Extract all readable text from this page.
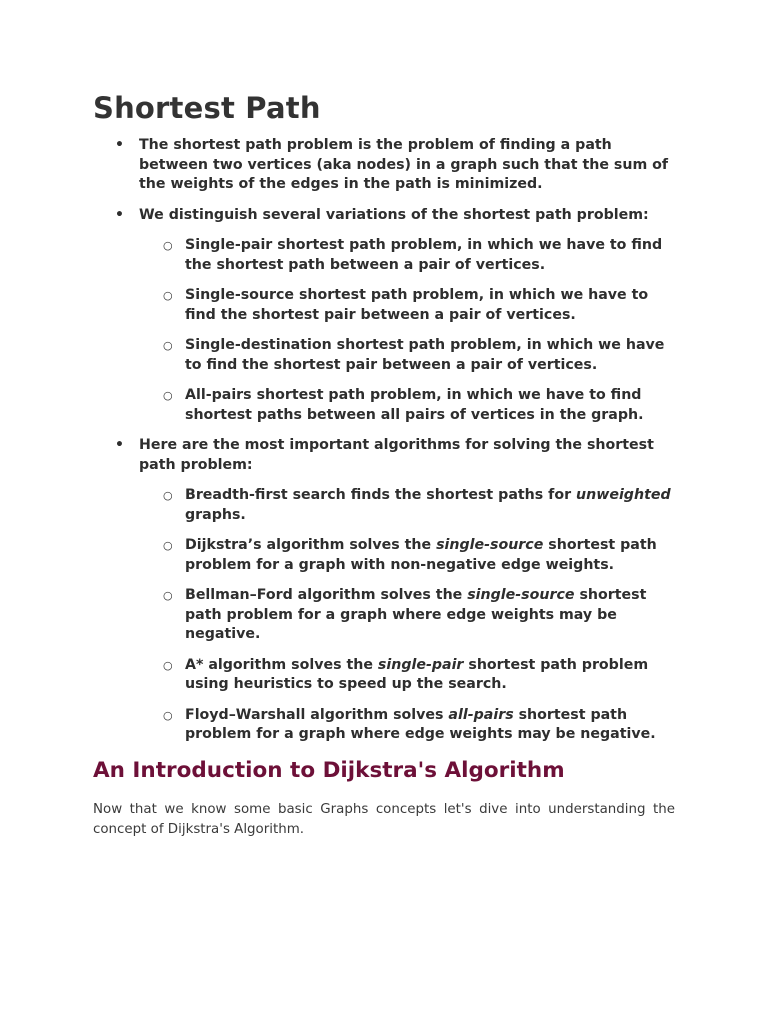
Shortest Path
• The shortest path problem is the problem of finding a path between two vertices (aka nodes) in a graph such that the sum of the weights of the edges in the path is minimized.
• We distinguish several variations of the shortest path problem:
○ Single-pair shortest path problem, in which we have to find the shortest path between a pair of vertices.
○ Single-source shortest path problem, in which we have to find the shortest pair between a pair of vertices.
○ Single-destination shortest path problem, in which we have to find the shortest pair between a pair of vertices.
○ All-pairs shortest path problem, in which we have to find shortest paths between all pairs of vertices in the graph.
• Here are the most important algorithms for solving the shortest path problem:
○ Breadth-first search finds the shortest paths for unweighted graphs.
○ Dijkstra’s algorithm solves the single-source shortest path problem for a graph with non-negative edge weights.
○ Bellman–Ford algorithm solves the single-source shortest path problem for a graph where edge weights may be negative.
○ A* algorithm solves the single-pair shortest path problem using heuristics to speed up the search.
○ Floyd–Warshall algorithm solves all-pairs shortest path problem for a graph where edge weights may be negative.
An Introduction to Dijkstra's Algorithm

Now that we know some basic Graphs concepts let's dive into understanding the concept of Dijkstra's Algorithm.
